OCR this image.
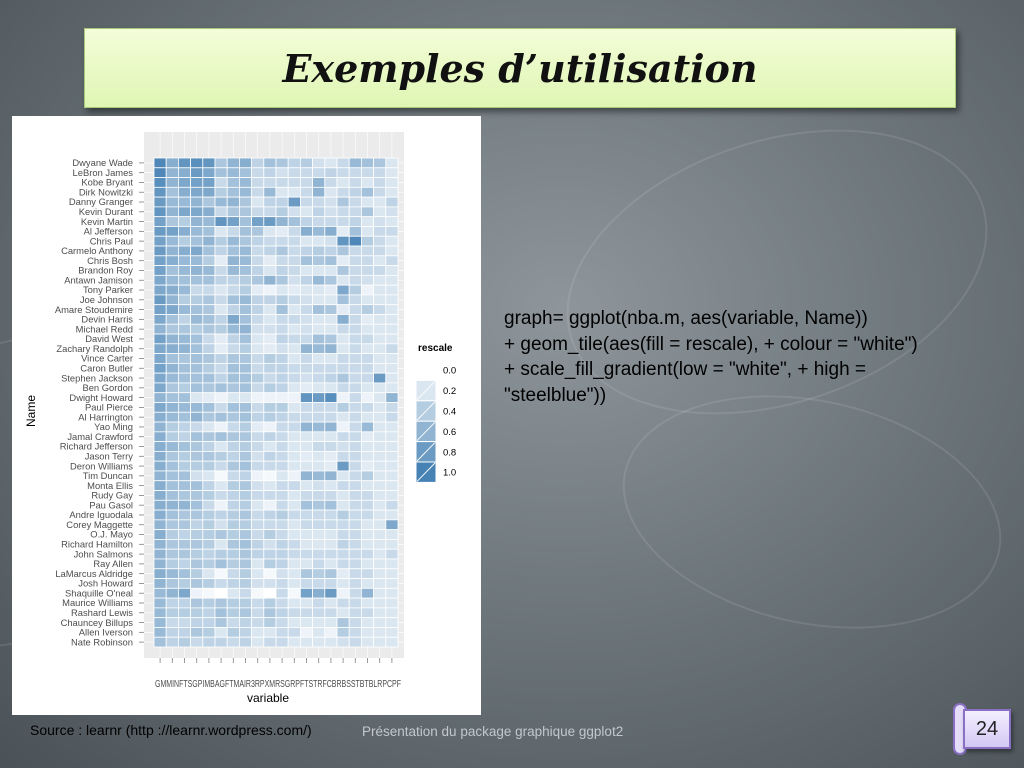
Exemples d’utilisation
Dwyane Wade
LeBron James
Kobe Bryant
Dirk Nowitzki
Danny Granger
Kevin Durant
Kevin Martin
Al Jefferson
Chris Paul
Carmelo Anthony
Chris Bosh
Brandon Roy
Antawn Jamison
Tony Parker
Joe Johnson
Amare Stoudemire
Devin Harris
Michael Redd
David West
Zachary Randolph
Vince Carter
Caron Butler
Stephen Jackson
Ben Gordon
Dwight Howard
Paul Pierce
Al Harrington
Yao Ming
Jamal Crawford
Richard Jefferson
Jason Terry
Deron Williams
Tim Duncan
Monta Ellis
Rudy Gay
Pau Gasol
Andre Iguodala
Corey Maggette
O.J. Mayo
Richard Hamilton
John Salmons
Ray Allen
LaMarcus Aldridge
Josh Howard
Shaquille O'neal
Maurice Williams
Rashard Lewis
Chauncey Billups
Allen Iverson
Nate Robinson
GMMINFTSGPIMBAGFTMAIR3RPXMRSGRPFTSTRFCBRBSSTBTBLRPCPF
variable
Name
rescale
0.0
0.2
0.4
0.6
0.8
1.0
graph= ggplot(nba.m, aes(variable, Name))
+ geom_tile(aes(fill = rescale), + colour = "white")
+ scale_fill_gradient(low = "white", + high =
"steelblue"))
Source : learnr (http ://learnr.wordpress.com/)	Présentation du package graphique ggplot2	24
